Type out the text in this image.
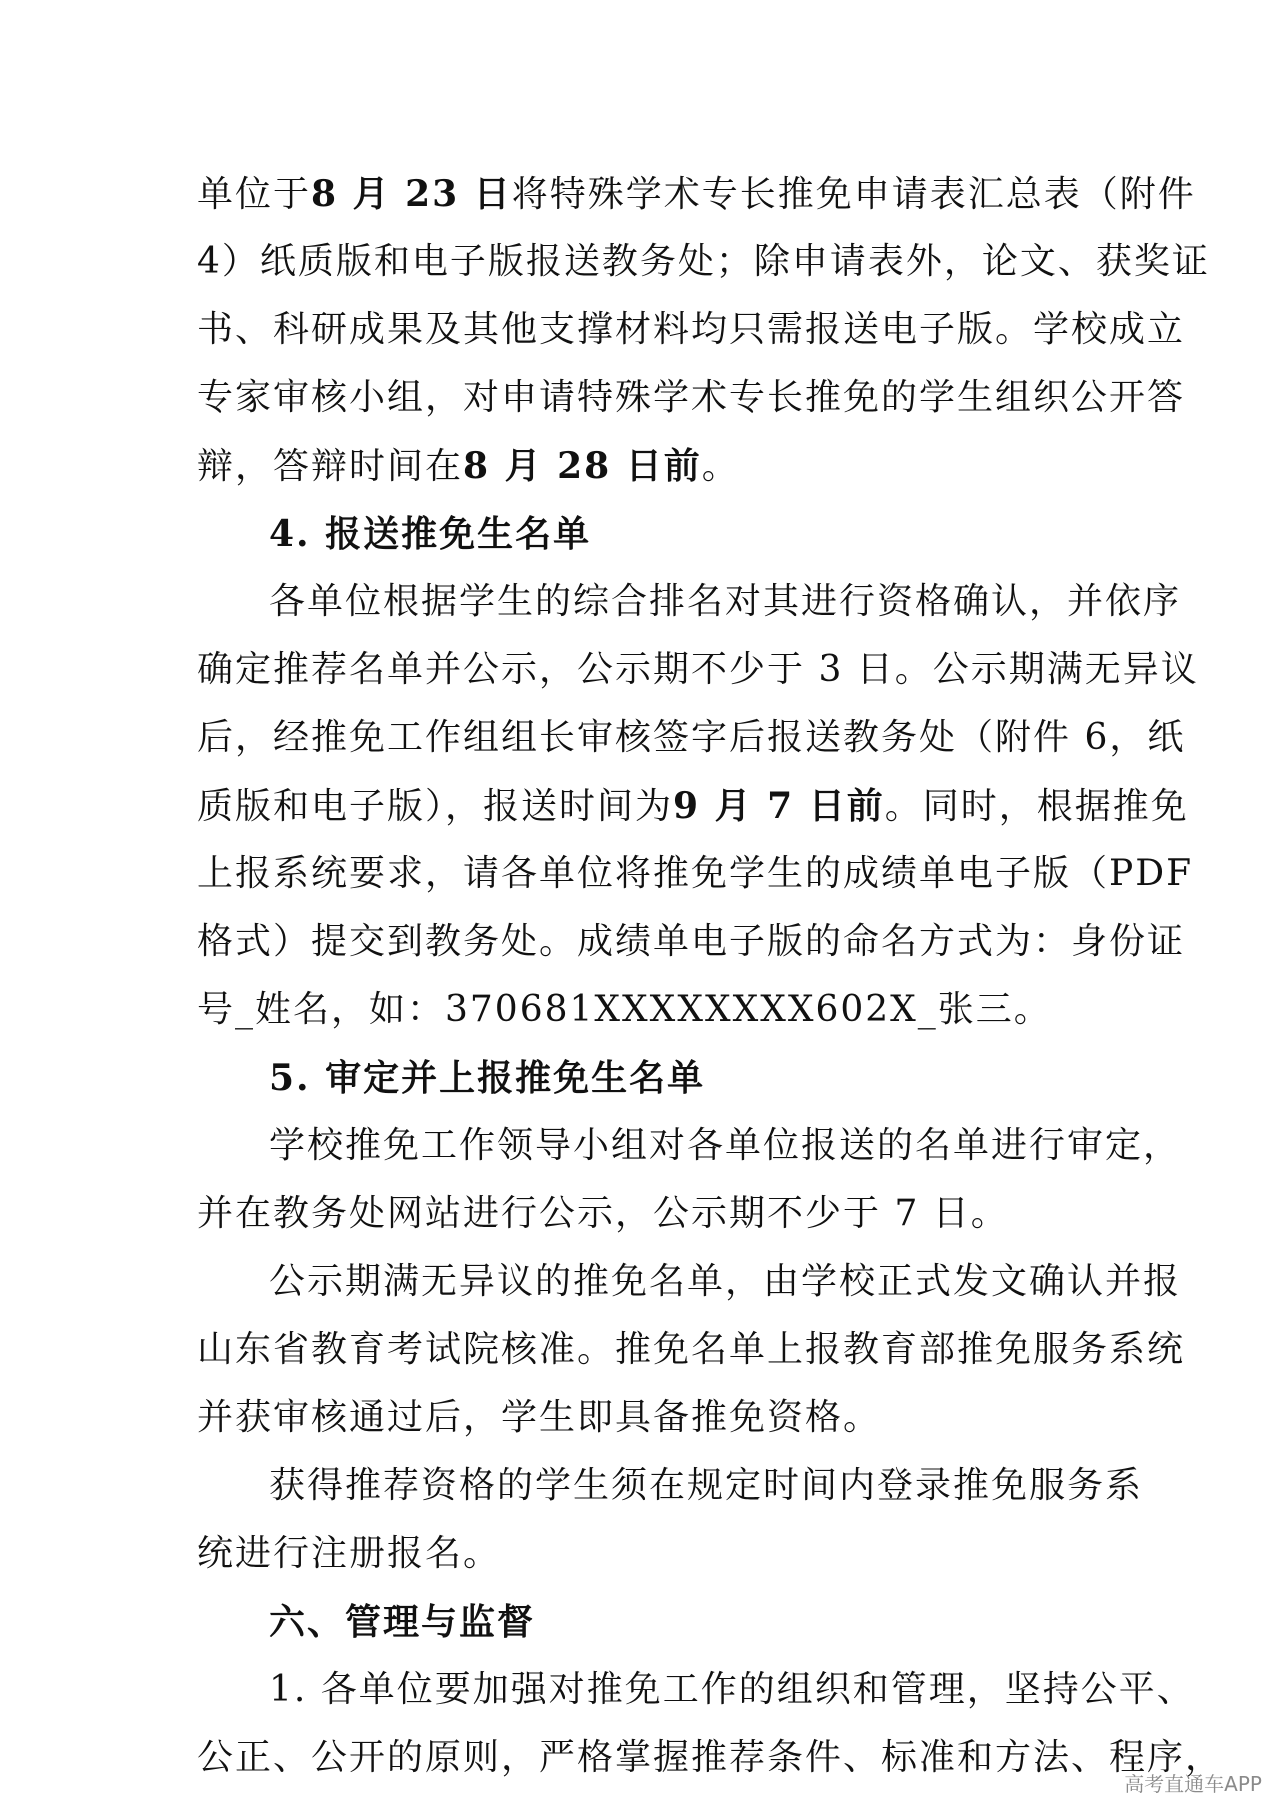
单位于8 月 23 日将特殊学术专长推免申请表汇总表（附件
4）纸质版和电子版报送教务处；除申请表外，论文、获奖证
书、科研成果及其他支撑材料均只需报送电子版。学校成立
专家审核小组，对申请特殊学术专长推免的学生组织公开答
辩，答辩时间在8 月 28 日前。
4. 报送推免生名单
各单位根据学生的综合排名对其进行资格确认，并依序
确定推荐名单并公示，公示期不少于 3 日。公示期满无异议
后，经推免工作组组长审核签字后报送教务处（附件 6，纸
质版和电子版），报送时间为9 月 7 日前。同时，根据推免
上报系统要求，请各单位将推免学生的成绩单电子版（PDF
格式）提交到教务处。成绩单电子版的命名方式为：身份证
号_姓名，如：370681XXXXXXXX602X_张三。
5. 审定并上报推免生名单
学校推免工作领导小组对各单位报送的名单进行审定，
并在教务处网站进行公示，公示期不少于 7 日。
公示期满无异议的推免名单，由学校正式发文确认并报
山东省教育考试院核准。推免名单上报教育部推免服务系统
并获审核通过后，学生即具备推免资格。
获得推荐资格的学生须在规定时间内登录推免服务系
统进行注册报名。
六、管理与监督
1. 各单位要加强对推免工作的组织和管理，坚持公平、
公正、公开的原则，严格掌握推荐条件、标准和方法、程序，
高考直通车APP
